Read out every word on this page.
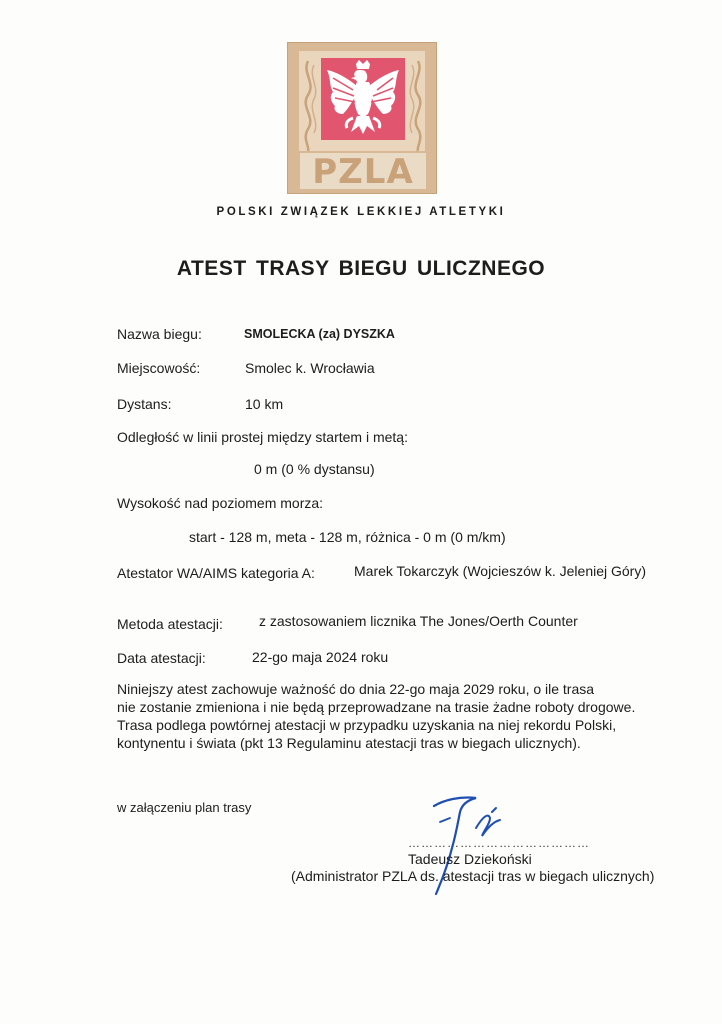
PZLA
POLSKI ZWIĄZEK LEKKIEJ ATLETYKI
ATEST TRASY BIEGU ULICZNEGO
Nazwa biegu:	SMOLECKA (za) DYSZKA
Miejscowość:	Smolec k. Wrocławia
Dystans:	10 km
Odległość w linii prostej między startem i metą:
0 m (0 % dystansu)
Wysokość nad poziomem morza:
start - 128 m, meta - 128 m, różnica - 0 m (0 m/km)
Atestator WA/AIMS kategoria A:	Marek Tokarczyk (Wojcieszów k. Jeleniej Góry)
Metoda atestacji:	z zastosowaniem licznika The Jones/Oerth Counter
Data atestacji:	22-go maja 2024 roku
Niniejszy atest zachowuje ważność do dnia 22-go maja 2029 roku, o ile trasa
nie zostanie zmieniona i nie będą przeprowadzane na trasie żadne roboty drogowe.
Trasa podlega powtórnej atestacji w przypadku uzyskania na niej rekordu Polski,
kontynentu i świata (pkt 13 Regulaminu atestacji tras w biegach ulicznych).
w załączeniu plan trasy
……………………………………
Tadeusz Dziekoński
(Administrator PZLA ds. atestacji tras w biegach ulicznych)
